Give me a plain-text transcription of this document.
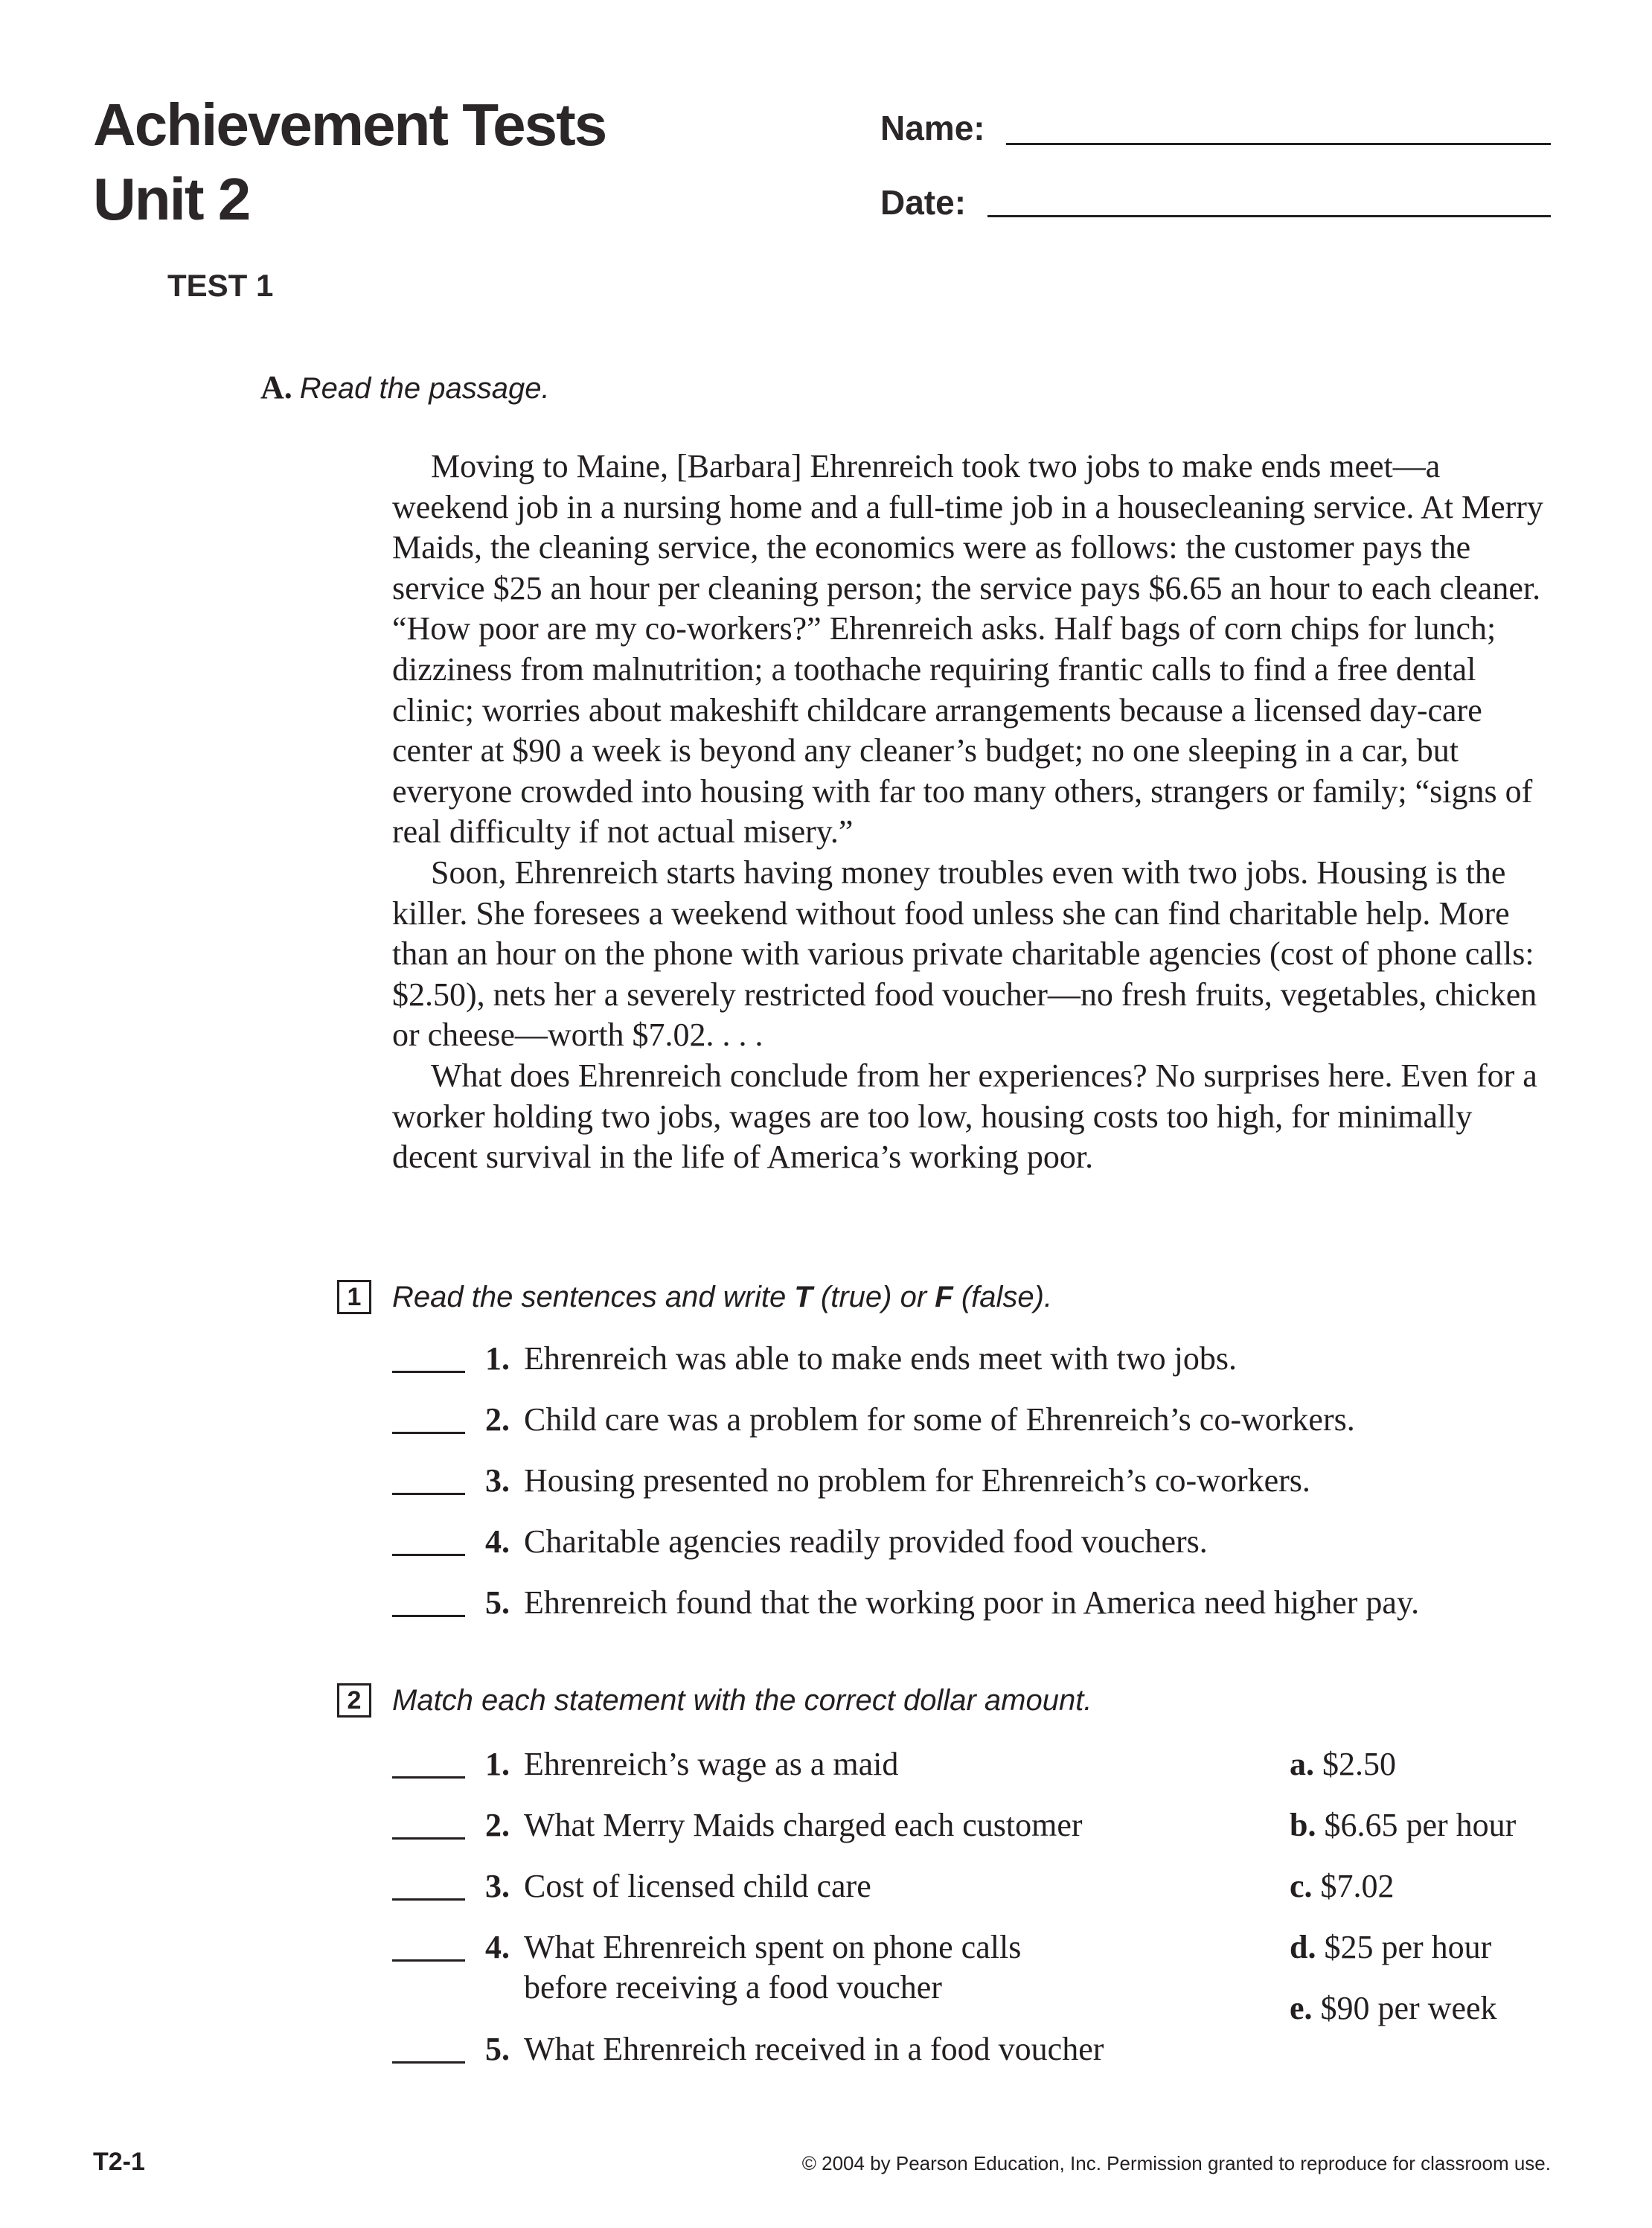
Achievement Tests
Unit 2
Name:
Date:
TEST 1
A. Read the passage.

Moving to Maine, [Barbara] Ehrenreich took two jobs to make ends meet—a weekend job in a nursing home and a full-time job in a housecleaning service. At Merry Maids, the cleaning service, the economics were as follows: the customer pays the service $25 an hour per cleaning person; the service pays $6.65 an hour to each cleaner. “How poor are my co-workers?” Ehrenreich asks. Half bags of corn chips for lunch; dizziness from malnutrition; a toothache requiring frantic calls to find a free dental clinic; worries about makeshift childcare arrangements because a licensed day-care center at $90 a week is beyond any cleaner’s budget; no one sleeping in a car, but everyone crowded into housing with far too many others, strangers or family; “signs of real difficulty if not actual misery.”

Soon, Ehrenreich starts having money troubles even with two jobs. Housing is the killer. She foresees a weekend without food unless she can find charitable help. More than an hour on the phone with various private charitable agencies (cost of phone calls: $2.50), nets her a severely restricted food voucher—no fresh fruits, vegetables, chicken or cheese—worth $7.02. . . .

What does Ehrenreich conclude from her experiences? No surprises here. Even for a worker holding two jobs, wages are too low, housing costs too high, for minimally decent survival in the life of America’s working poor.

1	Read the sentences and write T (true) or F (false).
1. Ehrenreich was able to make ends meet with two jobs.
2. Child care was a problem for some of Ehrenreich’s co-workers.
3. Housing presented no problem for Ehrenreich’s co-workers.
4. Charitable agencies readily provided food vouchers.
5. Ehrenreich found that the working poor in America need higher pay.
2	Match each statement with the correct dollar amount.
1. Ehrenreich’s wage as a maid
2. What Merry Maids charged each customer
3. Cost of licensed child care
4. What Ehrenreich spent on phone calls
before receiving a food voucher
5. What Ehrenreich received in a food voucher
a. $2.50
b. $6.65 per hour
c. $7.02
d. $25 per hour
e. $90 per week
T2-1	© 2004 by Pearson Education, Inc. Permission granted to reproduce for classroom use.
